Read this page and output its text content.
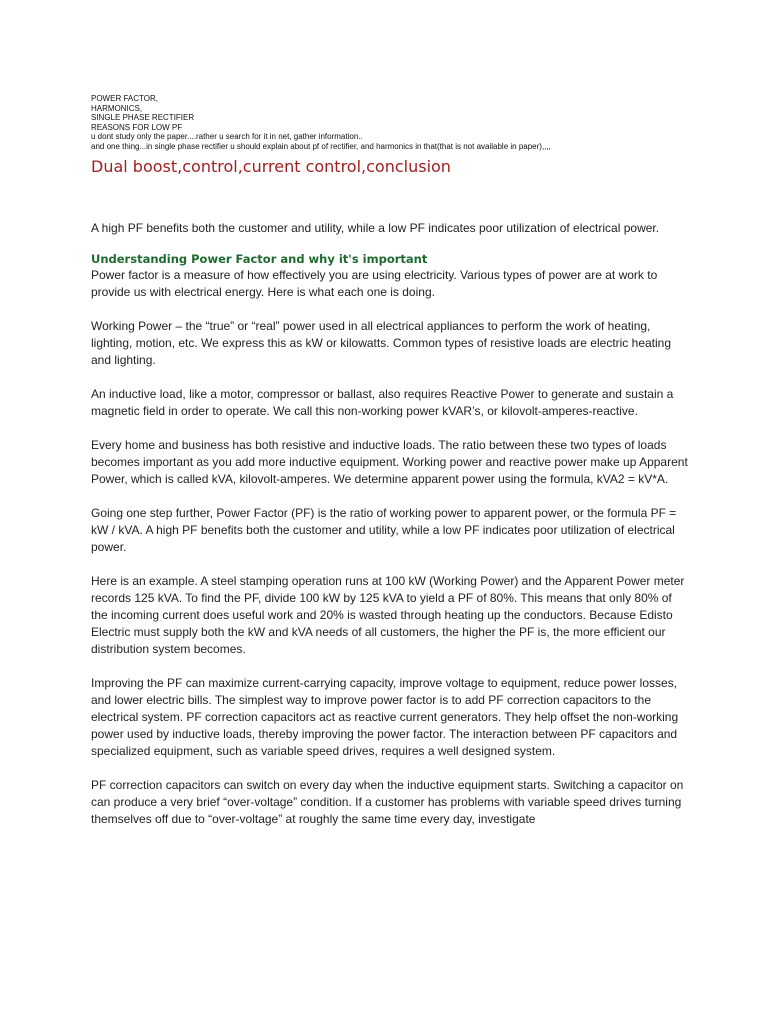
POWER FACTOR,
HARMONICS,
SINGLE PHASE RECTIFIER
REASONS FOR LOW PF
u dont study only the paper....rather u search for it in net, gather information..
and one thing...in single phase rectifier u should explain about pf of rectifier, and harmonics in that(that is not available in paper),,,,
Dual boost,control,current control,conclusion
A high PF benefits both the customer and utility, while a low PF indicates poor utilization of electrical power.
Understanding Power Factor and why it's important

Power factor is a measure of how effectively you are using electricity. Various types of power are at work to provide us with electrical energy. Here is what each one is doing.

Working Power – the “true” or “real” power used in all electrical appliances to perform the work of heating, lighting, motion, etc. We express this as kW or kilowatts. Common types of resistive loads are electric heating and lighting.

An inductive load, like a motor, compressor or ballast, also requires Reactive Power to generate and sustain a magnetic field in order to operate. We call this non-working power kVAR’s, or kilovolt-amperes-reactive.

Every home and business has both resistive and inductive loads. The ratio between these two types of loads becomes important as you add more inductive equipment. Working power and reactive power make up Apparent Power, which is called kVA, kilovolt-amperes. We determine apparent power using the formula, kVA2 = kV*A.

Going one step further, Power Factor (PF) is the ratio of working power to apparent power, or the formula PF = kW / kVA. A high PF benefits both the customer and utility, while a low PF indicates poor utilization of electrical power.

Here is an example. A steel stamping operation runs at 100 kW (Working Power) and the Apparent Power meter records 125 kVA. To find the PF, divide 100 kW by 125 kVA to yield a PF of 80%. This means that only 80% of the incoming current does useful work and 20% is wasted through heating up the conductors. Because Edisto Electric must supply both the kW and kVA needs of all customers, the higher the PF is, the more efficient our distribution system becomes.

Improving the PF can maximize current-carrying capacity, improve voltage to equipment, reduce power losses, and lower electric bills. The simplest way to improve power factor is to add PF correction capacitors to the electrical system. PF correction capacitors act as reactive current generators. They help offset the non-working power used by inductive loads, thereby improving the power factor. The interaction between PF capacitors and specialized equipment, such as variable speed drives, requires a well designed system.

PF correction capacitors can switch on every day when the inductive equipment starts. Switching a capacitor on can produce a very brief “over-voltage” condition. If a customer has problems with variable speed drives turning themselves off due to “over-voltage” at roughly the same time every day, investigate
